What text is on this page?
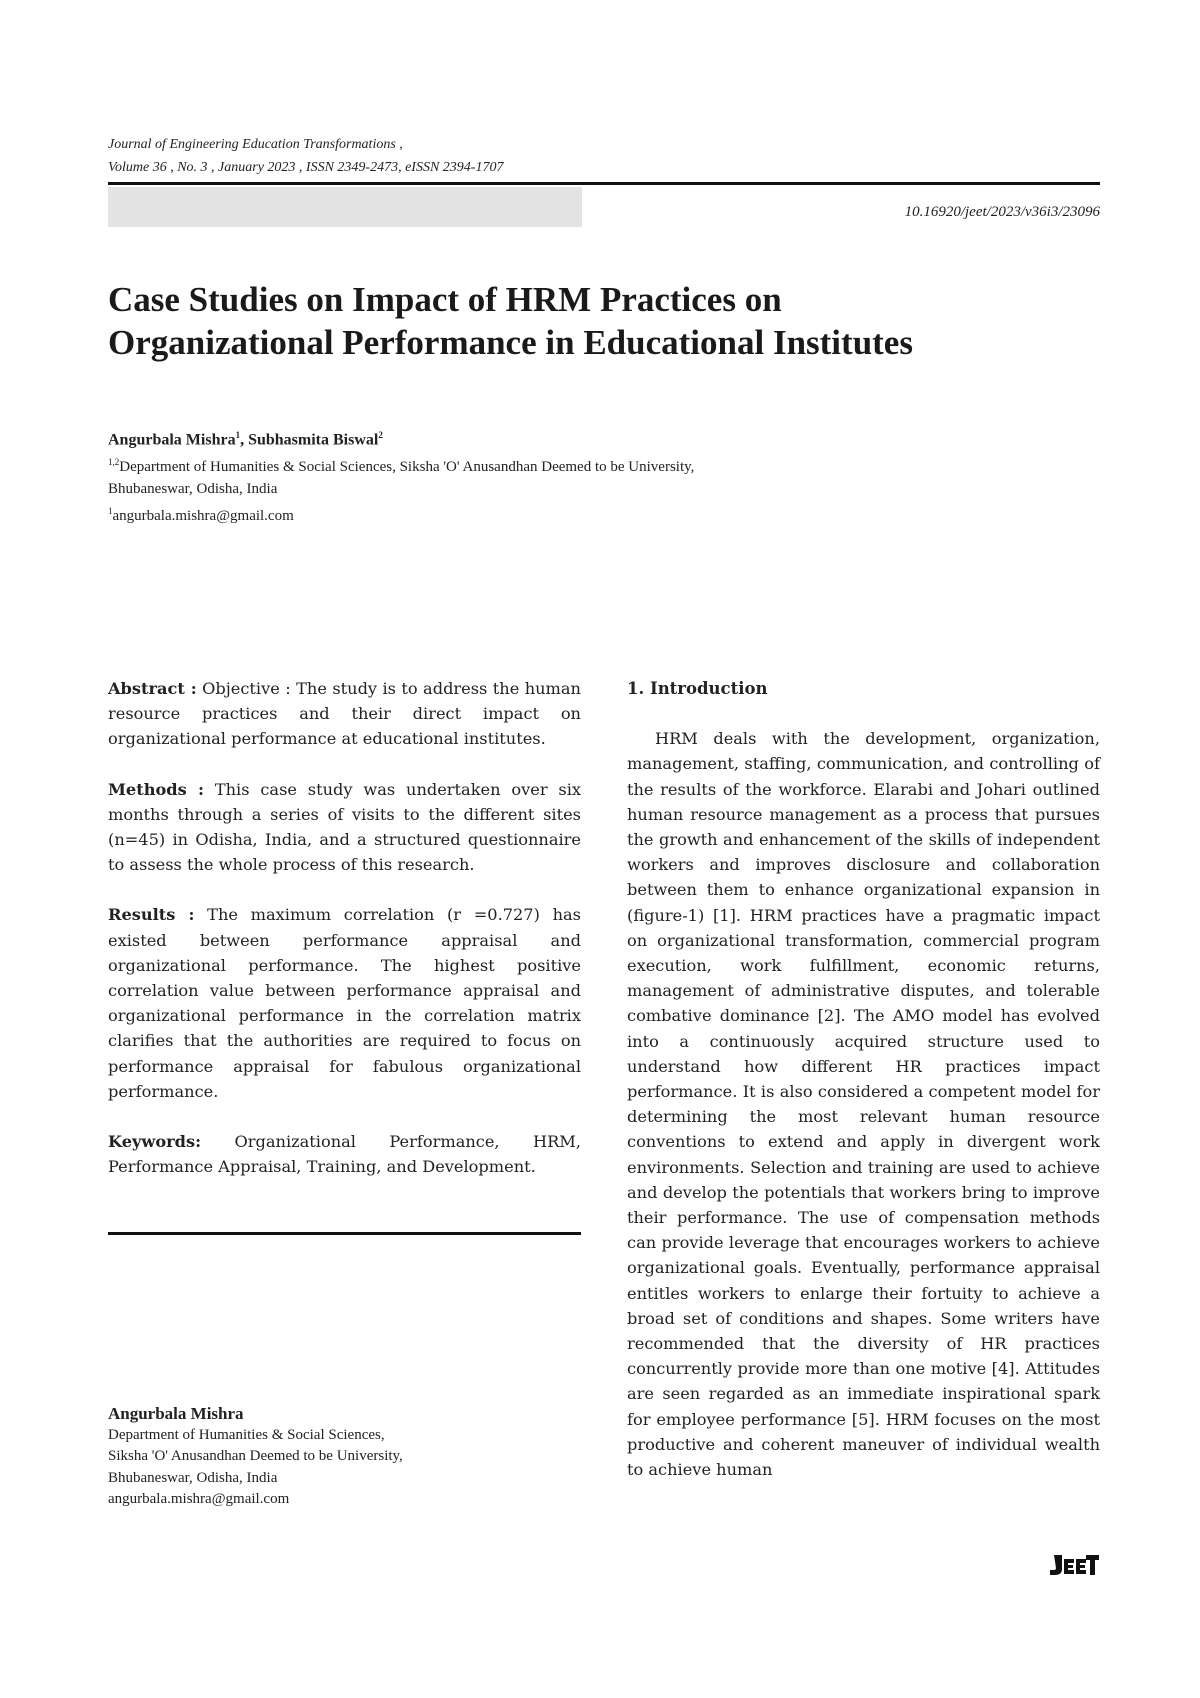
Journal of Engineering Education Transformations ,
Volume 36 , No. 3 , January 2023 , ISSN 2349-2473, eISSN 2394-1707
10.16920/jeet/2023/v36i3/23096
Case Studies on Impact of HRM Practices on
Organizational Performance in Educational Institutes
Angurbala Mishra$^1$, Subhasmita Biswal$^2$
$^{1,2}$Department of Humanities & Social Sciences, Siksha 'O' Anusandhan Deemed to be University,
Bhubaneswar, Odisha, India
$^1$angurbala.mishra@gmail.com

Abstract : Objective : The study is to address the human resource practices and their direct impact on organizational performance at educational institutes.

Methods : This case study was undertaken over six months through a series of visits to the different sites (n=45) in Odisha, India, and a structured questionnaire to assess the whole process of this research.

Results : The maximum correlation (r =0.727) has existed between performance appraisal and organizational performance. The highest positive correlation value between performance appraisal and organizational performance in the correlation matrix clarifies that the authorities are required to focus on performance appraisal for fabulous organizational performance.

Keywords: Organizational Performance, HRM, Performance Appraisal, Training, and Development.

Angurbala Mishra
Department of Humanities & Social Sciences,
Siksha 'O' Anusandhan Deemed to be University,
Bhubaneswar, Odisha, India
angurbala.mishra@gmail.com
1. Introduction

HRM deals with the development, organization, management, staffing, communication, and controlling of the results of the workforce. Elarabi and Johari outlined human resource management as a process that pursues the growth and enhancement of the skills of independent workers and improves disclosure and collaboration between them to enhance organizational expansion in (figure-1) [1]. HRM practices have a pragmatic impact on organizational transformation, commercial program execution, work fulfillment, economic returns, management of administrative disputes, and tolerable combative dominance [2]. The AMO model has evolved into a continuously acquired structure used to understand how different HR practices impact performance. It is also considered a competent model for determining the most relevant human resource conventions to extend and apply in divergent work environments. Selection and training are used to achieve and develop the potentials that workers bring to improve their performance. The use of compensation methods can provide leverage that encourages workers to achieve organizational goals. Eventually, performance appraisal entitles workers to enlarge their fortuity to achieve a broad set of conditions and shapes. Some writers have recommended that the diversity of HR practices concurrently provide more than one motive [4]. Attitudes are seen regarded as an immediate inspirational spark for employee performance [5]. HRM focuses on the most productive and coherent maneuver of individual wealth to achieve human
